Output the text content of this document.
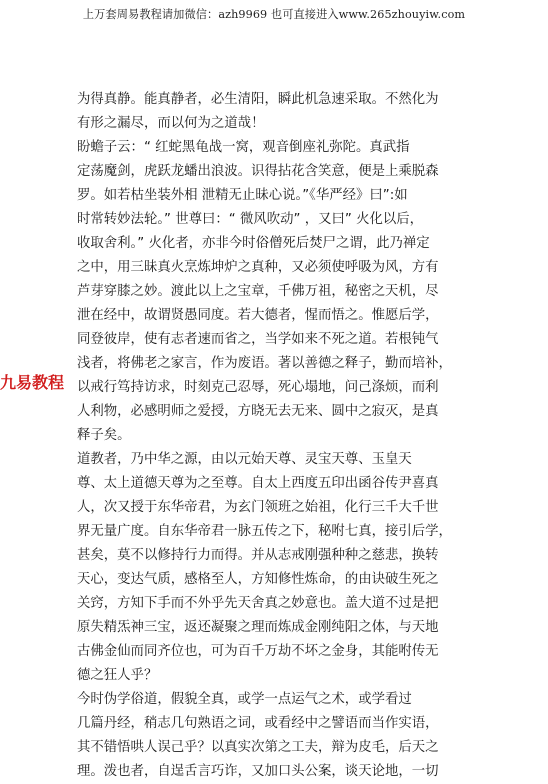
上万套周易教程请加微信：azh9969 也可直接进入www.265zhouyiw.com
为得真静。能真静者，必生清阳，瞬此机急速采取。不然化为
有形之漏尽，而以何为之道哉！
盼蟾子云：“ 红蛇黑龟战一窝，观音倒座礼弥陀。真武指
定荡魔剑，虎跃龙蟠出浪波。识得拈花含笑意，便是上乘脱森
罗。如若枯坐装外相 泄精无止昧心说。”《华严经》曰”:如
时常转妙法轮。” 世尊曰：“ 微风吹动” ，又曰” 火化以后，
收取舍利。” 火化者，亦非今时俗僧死后焚尸之谓，此乃禅定
之中，用三昧真火烹炼坤炉之真种，又必须使呼吸为风，方有
芦芽穿膝之妙。渡此以上之宝章，千佛万祖，秘密之天机，尽
泄在经中，故谓贤愚同度。若大德者，惺而悟之。惟愿后学，
同登彼岸，使有志者速而省之，当学如来不死之道。若根钝气
浅者，将佛老之家言，作为废语。著以善德之释子，勤而培补，
以戒行笃持访求，时刻克己忍辱，死心塌地，问己涤烦，而利
人利物，必感明师之爱授，方晓无去无来、圆中之寂灭，是真
释子矣。
道教者，乃中华之源，由以元始天尊、灵宝天尊、玉皇天
尊、太上道德天尊为之至尊。自太上西度五印出函谷传尹喜真
人，次又授于东华帝君，为玄门领班之始祖，化行三千大千世
界无量广度。自东华帝君一脉五传之下，秘咐七真，接引后学，
甚矣，莫不以修持行力而得。并从志戒刚强种种之慈悲，换转
天心，变达气质，感格至人，方知修性炼命，的由诀破生死之
关窍，方知下手而不外乎先天舍真之妙意也。盖大道不过是把
原失精炁神三宝，返还凝聚之理而炼成金刚纯阳之体，与天地
古佛金仙而同齐位也，可为百千万劫不坏之金身，其能咐传无
德之狂人乎？
今时伪学俗道，假貌全真，或学一点运气之术，或学看过
几篇丹经，稍志几句熟语之词，或看经中之譬语而当作实语，
其不错悟哄人误己乎？以真实次第之工夫，辩为皮毛，后天之
理。泼也者，自逞舌言巧诈，又加口头公案，谈天论地，一切
九易教程
